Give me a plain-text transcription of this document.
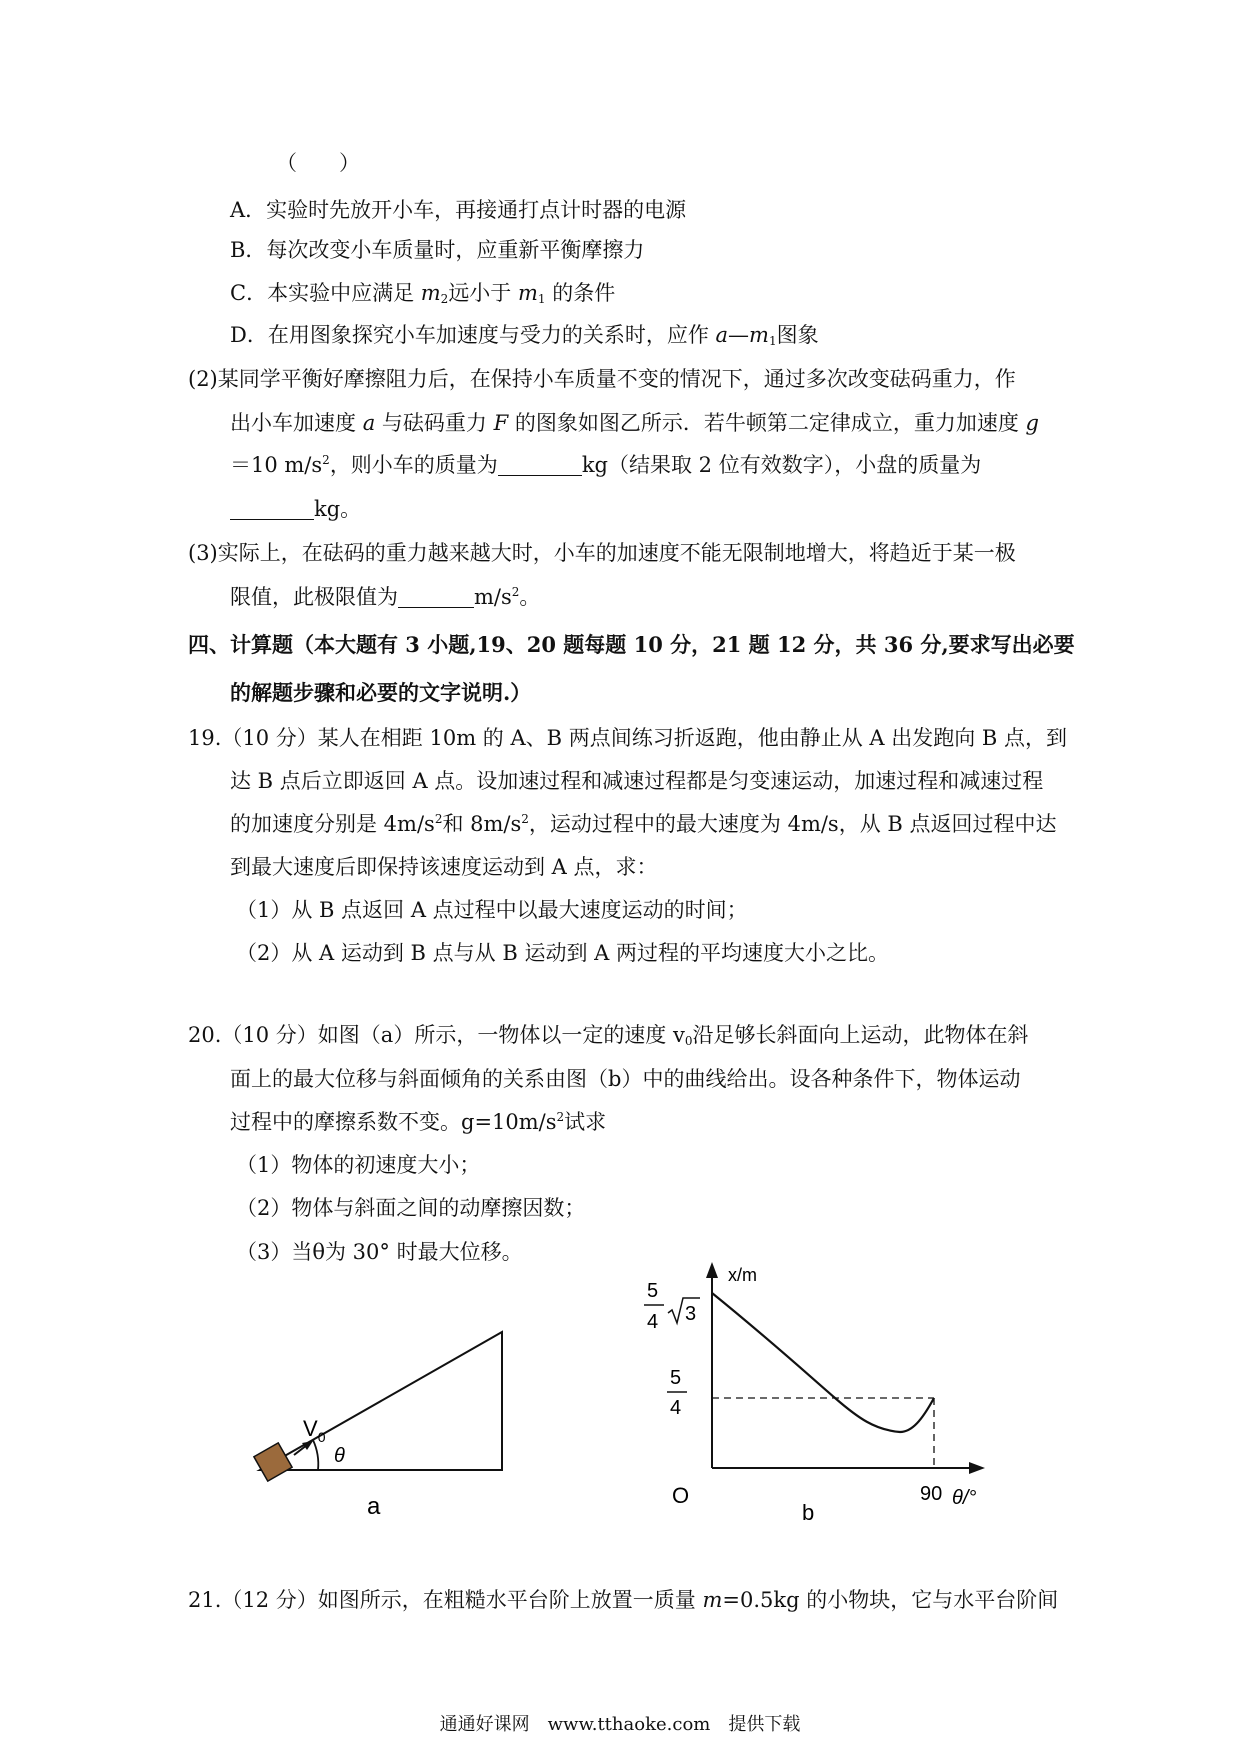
（　　）
A．实验时先放开小车，再接通打点计时器的电源
B．每次改变小车质量时，应重新平衡摩擦力
C．本实验中应满足 $m_2$远小于 $m_1$ 的条件
D．在用图象探究小车加速度与受力的关系时，应作 $a—m_1$图象
(2)某同学平衡好摩擦阻力后，在保持小车质量不变的情况下，通过多次改变砝码重力，作
出小车加速度 a 与砝码重力 F 的图象如图乙所示．若牛顿第二定律成立，重力加速度 g
＝10 $m/s^2$，则小车的质量为	kg（结果取 2 位有效数字），小盘的质量为
kg。
(3)实际上，在砝码的重力越来越大时，小车的加速度不能无限制地增大，将趋近于某一极
限值，此极限值为	$m/s^2$。
四、计算题（本大题有 3 小题,19、20 题每题 10 分，21 题 12 分，共 36 分,要求写出必要
的解题步骤和必要的文字说明.）
19.（10 分）某人在相距 10m 的 A、B 两点间练习折返跑，他由静止从 A 出发跑向 B 点，到
达 B 点后立即返回 A 点。设加速过程和减速过程都是匀变速运动，加速过程和减速过程
的加速度分别是 $4m/s^2$和 $8m/s^2$，运动过程中的最大速度为 4m/s，从 B 点返回过程中达
到最大速度后即保持该速度运动到 A 点，求：
（1）从 B 点返回 A 点过程中以最大速度运动的时间；
（2）从 A 运动到 B 点与从 B 运动到 A 两过程的平均速度大小之比。
20.（10 分）如图（a）所示，一物体以一定的速度 $v_0$沿足够长斜面向上运动，此物体在斜
面上的最大位移与斜面倾角的关系由图（b）中的曲线给出。设各种条件下，物体运动
过程中的摩擦系数不变。$g=10m/s^2$试求
（1）物体的初速度大小；
（2）物体与斜面之间的动摩擦因数；
（3）当θ为 30° 时最大位移。
$V_0$
θ
a
x/m
5
4 3
5
4
O	90 θ/°
b
21.（12 分）如图所示，在粗糙水平台阶上放置一质量 m=0.5kg 的小物块，它与水平台阶间
通通好课网　www.tthaoke.com　提供下载
